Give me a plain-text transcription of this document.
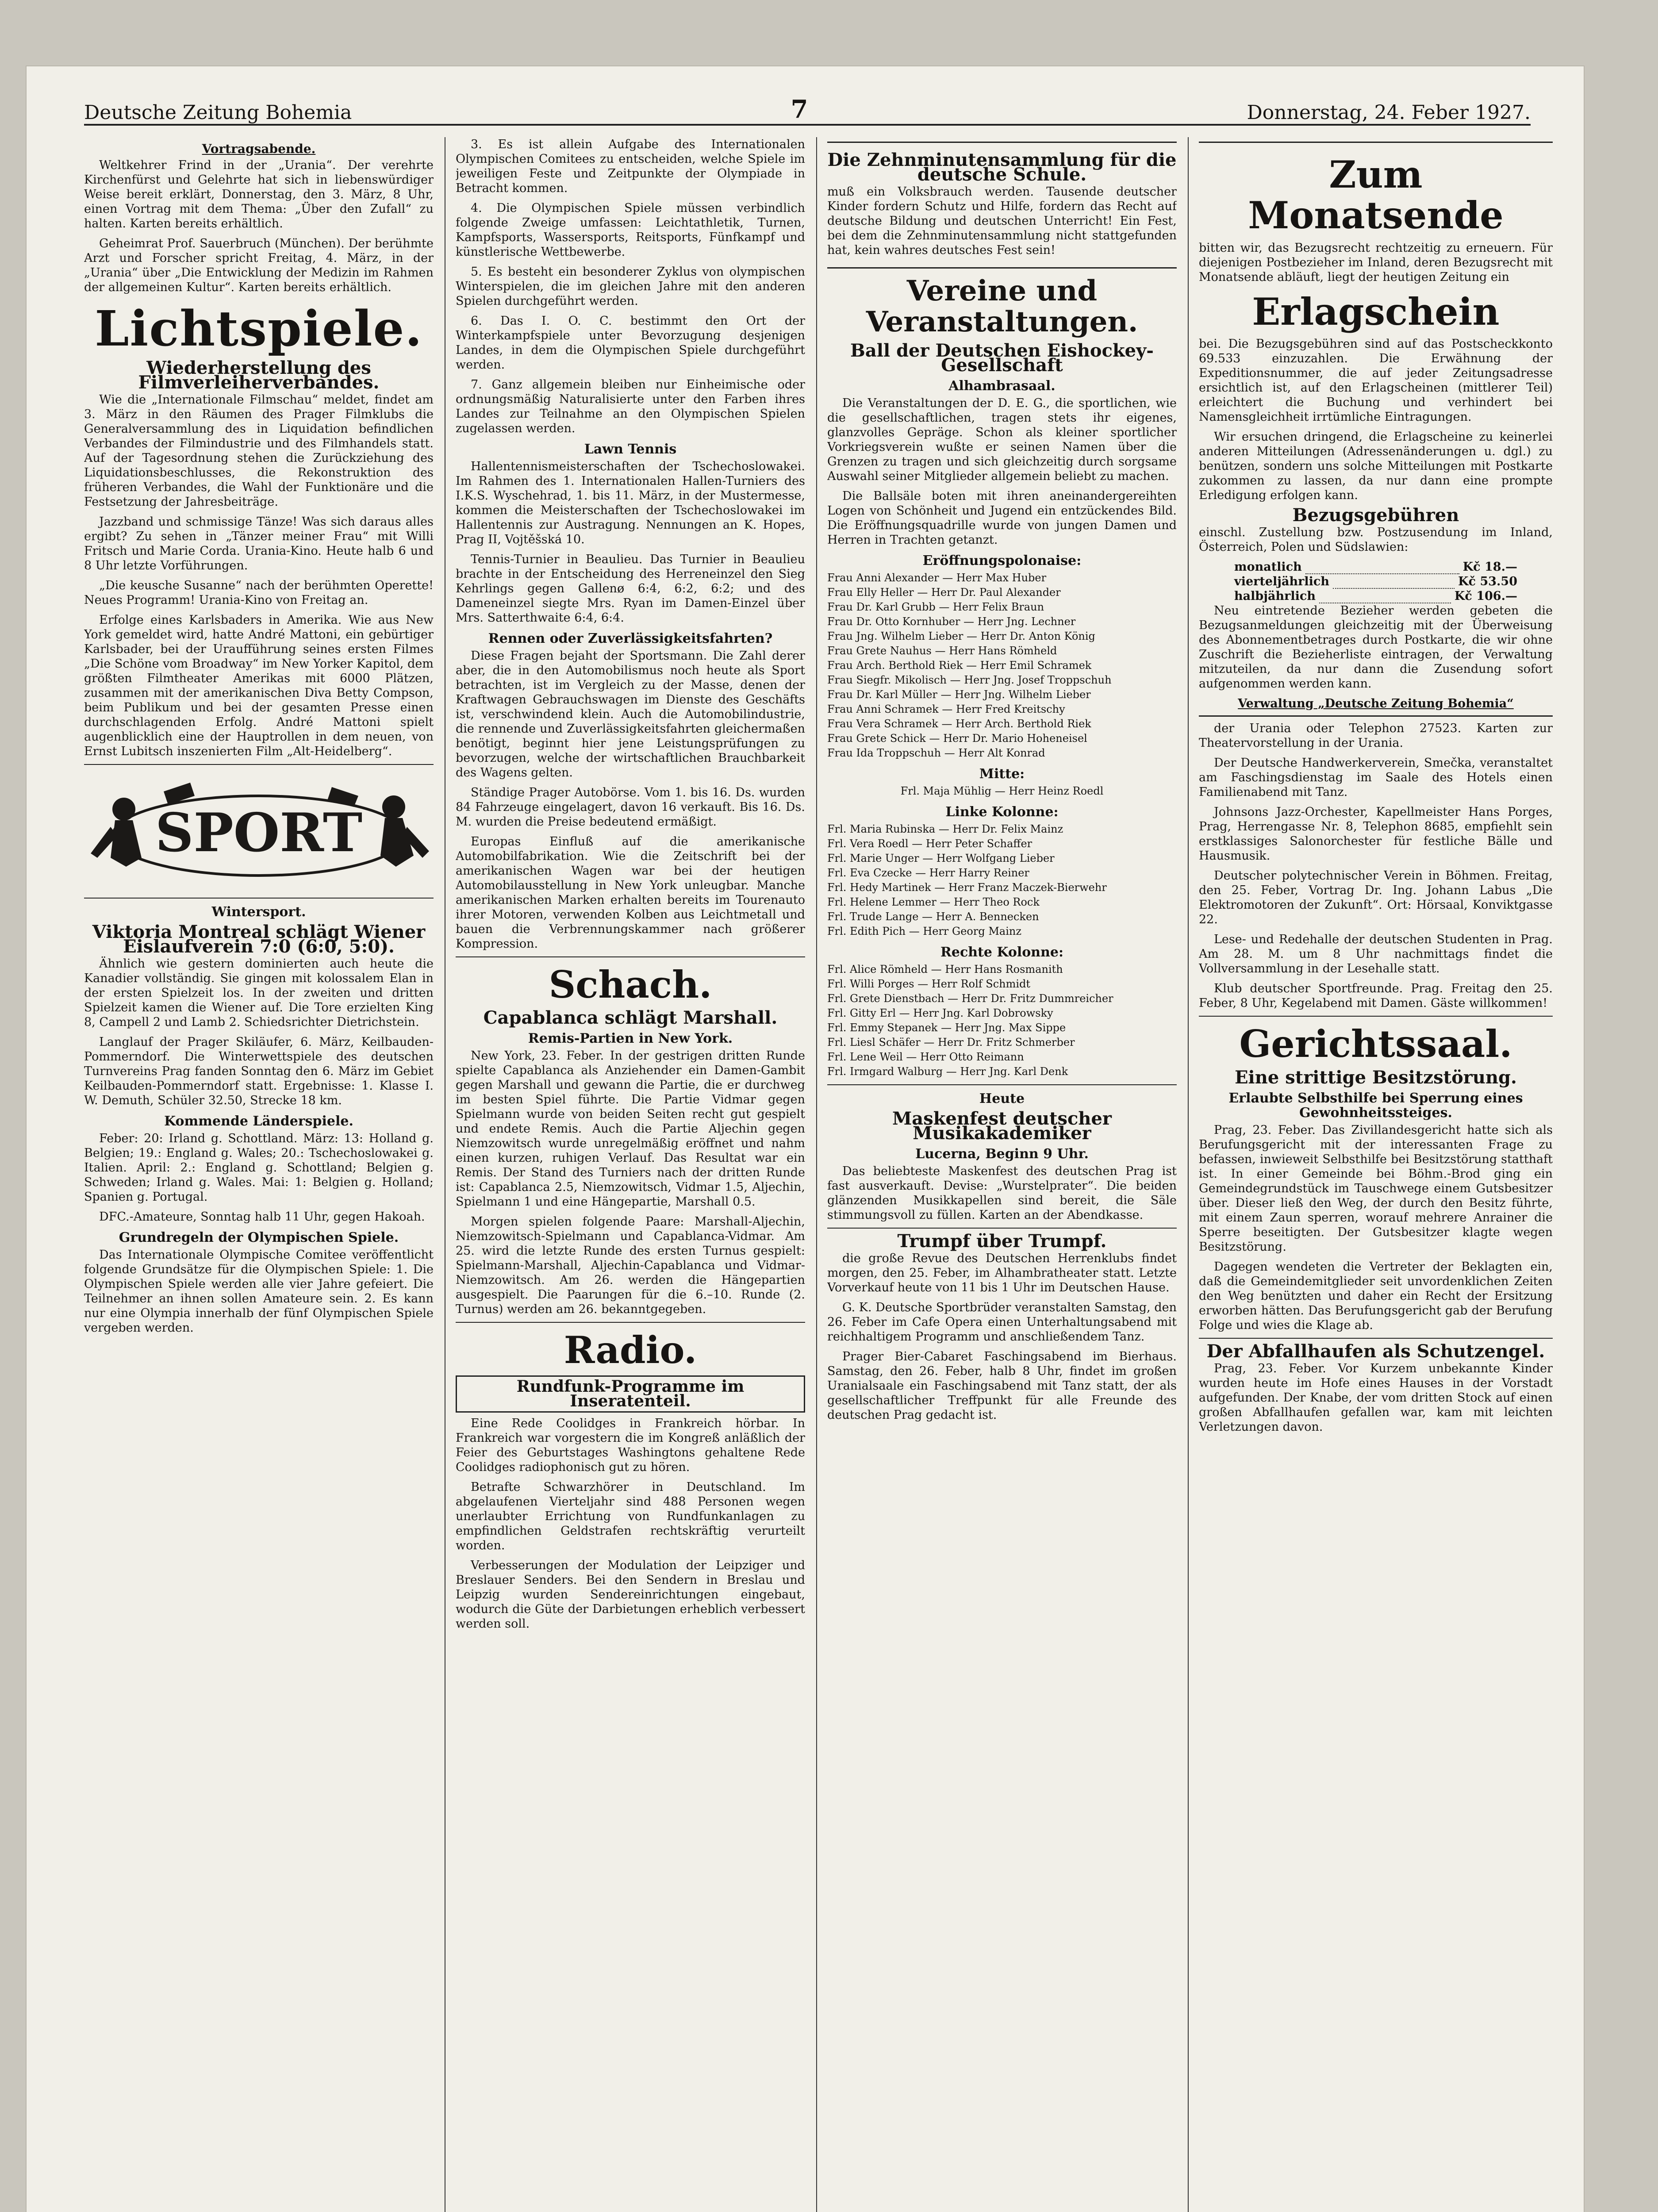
Deutsche Zeitung Bohemia	7	Donnerstag, 24. Feber 1927.
Vortragsabende.

Weltkehrer Frind in der „Urania“. Der verehrte Kirchenfürst und Gelehrte hat sich in liebenswürdiger Weise bereit erklärt, Donnerstag, den 3. März, 8 Uhr, einen Vortrag mit dem Thema: „Über den Zufall“ zu halten. Karten bereits erhältlich.

Geheimrat Prof. Sauerbruch (München). Der berühmte Arzt und Forscher spricht Freitag, 4. März, in der „Urania“ über „Die Entwicklung der Medizin im Rahmen der allgemeinen Kultur“. Karten bereits erhältlich.

Lichtspiele.
Wiederherstellung des Filmverleiherverbandes.

Wie die „Internationale Filmschau“ meldet, findet am 3. März in den Räumen des Prager Filmklubs die Generalversammlung des in Liquidation befindlichen Verbandes der Filmindustrie und des Filmhandels statt. Auf der Tagesordnung stehen die Zurückziehung des Liquidationsbeschlusses, die Rekonstruktion des früheren Verbandes, die Wahl der Funktionäre und die Festsetzung der Jahresbeiträge.

Jazzband und schmissige Tänze! Was sich daraus alles ergibt? Zu sehen in „Tänzer meiner Frau“ mit Willi Fritsch und Marie Corda. Urania-Kino. Heute halb 6 und 8 Uhr letzte Vorführungen.

„Die keusche Susanne“ nach der berühmten Operette! Neues Programm! Urania-Kino von Freitag an.

Erfolge eines Karlsbaders in Amerika. Wie aus New York gemeldet wird, hatte André Mattoni, ein gebürtiger Karlsbader, bei der Uraufführung seines ersten Filmes „Die Schöne vom Broadway“ im New Yorker Kapitol, dem größten Filmtheater Amerikas mit 6000 Plätzen, zusammen mit der amerikanischen Diva Betty Compson, beim Publikum und bei der gesamten Presse einen durchschlagenden Erfolg. André Mattoni spielt augenblicklich eine der Hauptrollen in dem neuen, von Ernst Lubitsch inszenierten Film „Alt-Heidelberg“.

SPORT
Wintersport.
Viktoria Montreal schlägt Wiener Eislaufverein 7:0 (6:0, 5:0).

Ähnlich wie gestern dominierten auch heute die Kanadier vollständig. Sie gingen mit kolossalem Elan in der ersten Spielzeit los. In der zweiten und dritten Spielzeit kamen die Wiener auf. Die Tore erzielten King 8, Campell 2 und Lamb 2. Schiedsrichter Dietrichstein.

Langlauf der Prager Skiläufer, 6. März, Keilbauden-Pommerndorf. Die Winterwettspiele des deutschen Turnvereins Prag fanden Sonntag den 6. März im Gebiet Keilbauden-Pommerndorf statt. Ergebnisse: 1. Klasse I. W. Demuth, Schüler 32.50, Strecke 18 km.

Kommende Länderspiele.

Feber: 20: Irland g. Schottland. März: 13: Holland g. Belgien; 19.: England g. Wales; 20.: Tschechoslowakei g. Italien. April: 2.: England g. Schottland; Belgien g. Schweden; Irland g. Wales. Mai: 1: Belgien g. Holland; Spanien g. Portugal.

DFC.-Amateure, Sonntag halb 11 Uhr, gegen Hakoah.

Grundregeln der Olympischen Spiele.

Das Internationale Olympische Comitee veröffentlicht folgende Grundsätze für die Olympischen Spiele: 1. Die Olympischen Spiele werden alle vier Jahre gefeiert. Die Teilnehmer an ihnen sollen Amateure sein. 2. Es kann nur eine Olympia innerhalb der fünf Olympischen Spiele vergeben werden.

3. Es ist allein Aufgabe des Internationalen Olympischen Comitees zu entscheiden, welche Spiele im jeweiligen Feste und Zeitpunkte der Olympiade in Betracht kommen.

4. Die Olympischen Spiele müssen verbindlich folgende Zweige umfassen: Leichtathletik, Turnen, Kampfsports, Wassersports, Reitsports, Fünfkampf und künstlerische Wettbewerbe.

5. Es besteht ein besonderer Zyklus von olympischen Winterspielen, die im gleichen Jahre mit den anderen Spielen durchgeführt werden.

6. Das I. O. C. bestimmt den Ort der Winterkampfspiele unter Bevorzugung desjenigen Landes, in dem die Olympischen Spiele durchgeführt werden.

7. Ganz allgemein bleiben nur Einheimische oder ordnungsmäßig Naturalisierte unter den Farben ihres Landes zur Teilnahme an den Olympischen Spielen zugelassen werden.

Lawn Tennis

Hallentennismeisterschaften der Tschechoslowakei. Im Rahmen des 1. Internationalen Hallen-Turniers des I.K.S. Wyschehrad, 1. bis 11. März, in der Mustermesse, kommen die Meisterschaften der Tschechoslowakei im Hallentennis zur Austragung. Nennungen an K. Hopes, Prag II, Vojtěšská 10.

Tennis-Turnier in Beaulieu. Das Turnier in Beaulieu brachte in der Entscheidung des Herreneinzel den Sieg Kehrlings gegen Gallenø 6:4, 6:2, 6:2; und des Dameneinzel siegte Mrs. Ryan im Damen-Einzel über Mrs. Satterthwaite 6:4, 6:4.

Rennen oder Zuverlässigkeitsfahrten?

Diese Fragen bejaht der Sportsmann. Die Zahl derer aber, die in den Automobilismus noch heute als Sport betrachten, ist im Vergleich zu der Masse, denen der Kraftwagen Gebrauchswagen im Dienste des Geschäfts ist, verschwindend klein. Auch die Automobilindustrie, die rennende und Zuverlässigkeitsfahrten gleichermaßen benötigt, beginnt hier jene Leistungsprüfungen zu bevorzugen, welche der wirtschaftlichen Brauchbarkeit des Wagens gelten.

Ständige Prager Autobörse. Vom 1. bis 16. Ds. wurden 84 Fahrzeuge eingelagert, davon 16 verkauft. Bis 16. Ds. M. wurden die Preise bedeutend ermäßigt.

Europas Einfluß auf die amerikanische Automobilfabrikation. Wie die Zeitschrift bei der amerikanischen Wagen war bei der heutigen Automobilausstellung in New York unleugbar. Manche amerikanischen Marken erhalten bereits im Tourenauto ihrer Motoren, verwenden Kolben aus Leichtmetall und bauen die Verbrennungskammer nach größerer Kompression.

Schach.
Capablanca schlägt Marshall.
Remis-Partien in New York.

New York, 23. Feber. In der gestrigen dritten Runde spielte Capablanca als Anziehender ein Damen-Gambit gegen Marshall und gewann die Partie, die er durchweg im besten Spiel führte. Die Partie Vidmar gegen Spielmann wurde von beiden Seiten recht gut gespielt und endete Remis. Auch die Partie Aljechin gegen Niemzowitsch wurde unregelmäßig eröffnet und nahm einen kurzen, ruhigen Verlauf. Das Resultat war ein Remis. Der Stand des Turniers nach der dritten Runde ist: Capablanca 2.5, Niemzowitsch, Vidmar 1.5, Aljechin, Spielmann 1 und eine Hängepartie, Marshall 0.5.

Morgen spielen folgende Paare: Marshall-Aljechin, Niemzowitsch-Spielmann und Capablanca-Vidmar. Am 25. wird die letzte Runde des ersten Turnus gespielt: Spielmann-Marshall, Aljechin-Capablanca und Vidmar-Niemzowitsch. Am 26. werden die Hängepartien ausgespielt. Die Paarungen für die 6.–10. Runde (2. Turnus) werden am 26. bekanntgegeben.

Radio.
Rundfunk-Programme im Inseratenteil.

Eine Rede Coolidges in Frankreich hörbar. In Frankreich war vorgestern die im Kongreß anläßlich der Feier des Geburtstages Washingtons gehaltene Rede Coolidges radiophonisch gut zu hören.

Betrafte Schwarzhörer in Deutschland. Im abgelaufenen Vierteljahr sind 488 Personen wegen unerlaubter Errichtung von Rundfunkanlagen zu empfindlichen Geldstrafen rechtskräftig verurteilt worden.

Verbesserungen der Modulation der Leipziger und Breslauer Senders. Bei den Sendern in Breslau und Leipzig wurden Sendereinrichtungen eingebaut, wodurch die Güte der Darbietungen erheblich verbessert werden soll.

Die Zehnminutensammlung für die deutsche Schule.

muß ein Volksbrauch werden. Tausende deutscher Kinder fordern Schutz und Hilfe, fordern das Recht auf deutsche Bildung und deutschen Unterricht! Ein Fest, bei dem die Zehnminutensammlung nicht stattgefunden hat, kein wahres deutsches Fest sein!

Vereine und Veranstaltungen.
Ball der Deutschen Eishockey-Gesellschaft
Alhambrasaal.

Die Veranstaltungen der D. E. G., die sportlichen, wie die gesellschaftlichen, tragen stets ihr eigenes, glanzvolles Gepräge. Schon als kleiner sportlicher Vorkriegsverein wußte er seinen Namen über die Grenzen zu tragen und sich gleichzeitig durch sorgsame Auswahl seiner Mitglieder allgemein beliebt zu machen.

Die Ballsäle boten mit ihren aneinandergereihten Logen von Schönheit und Jugend ein entzückendes Bild. Die Eröffnungsquadrille wurde von jungen Damen und Herren in Trachten getanzt.

Eröffnungspolonaise:
Frau Anni Alexander — Herr Max Huber
Frau Elly Heller — Herr Dr. Paul Alexander
Frau Dr. Karl Grubb — Herr Felix Braun
Frau Dr. Otto Kornhuber — Herr Jng. Lechner
Frau Jng. Wilhelm Lieber — Herr Dr. Anton König
Frau Grete Nauhus — Herr Hans Römheld
Frau Arch. Berthold Riek — Herr Emil Schramek
Frau Siegfr. Mikolisch — Herr Jng. Josef Troppschuh
Frau Dr. Karl Müller — Herr Jng. Wilhelm Lieber
Frau Anni Schramek — Herr Fred Kreitschy
Frau Vera Schramek — Herr Arch. Berthold Riek
Frau Grete Schick — Herr Dr. Mario Hoheneisel
Frau Ida Troppschuh — Herr Alt Konrad
Mitte:
Frl. Maja Mühlig — Herr Heinz Roedl
Linke Kolonne:
Frl. Maria Rubinska — Herr Dr. Felix Mainz
Frl. Vera Roedl — Herr Peter Schaffer
Frl. Marie Unger — Herr Wolfgang Lieber
Frl. Eva Czecke — Herr Harry Reiner
Frl. Hedy Martinek — Herr Franz Maczek-Bierwehr
Frl. Helene Lemmer — Herr Theo Rock
Frl. Trude Lange — Herr A. Bennecken
Frl. Edith Pich — Herr Georg Mainz
Rechte Kolonne:
Frl. Alice Römheld — Herr Hans Rosmanith
Frl. Willi Porges — Herr Rolf Schmidt
Frl. Grete Dienstbach — Herr Dr. Fritz Dummreicher
Frl. Gitty Erl — Herr Jng. Karl Dobrowsky
Frl. Emmy Stepanek — Herr Jng. Max Sippe
Frl. Liesl Schäfer — Herr Dr. Fritz Schmerber
Frl. Lene Weil — Herr Otto Reimann
Frl. Irmgard Walburg — Herr Jng. Karl Denk
Heute
Maskenfest deutscher Musikakademiker
Lucerna, Beginn 9 Uhr.

Das beliebteste Maskenfest des deutschen Prag ist fast ausverkauft. Devise: „Wurstelprater“. Die beiden glänzenden Musikkapellen sind bereit, die Säle stimmungsvoll zu füllen. Karten an der Abendkasse.

Trumpf über Trumpf.

die große Revue des Deutschen Herrenklubs findet morgen, den 25. Feber, im Alhambratheater statt. Letzte Vorverkauf heute von 11 bis 1 Uhr im Deutschen Hause.

G. K. Deutsche Sportbrüder veranstalten Samstag, den 26. Feber im Cafe Opera einen Unterhaltungsabend mit reichhaltigem Programm und anschließendem Tanz.

Prager Bier-Cabaret Faschingsabend im Bierhaus. Samstag, den 26. Feber, halb 8 Uhr, findet im großen Uranialsaale ein Faschingsabend mit Tanz statt, der als gesellschaftlicher Treffpunkt für alle Freunde des deutschen Prag gedacht ist.

Zum Monatsende

bitten wir, das Bezugsrecht rechtzeitig zu erneuern. Für diejenigen Postbezieher im Inland, deren Bezugsrecht mit Monatsende abläuft, liegt der heutigen Zeitung ein

Erlagschein

bei. Die Bezugsgebühren sind auf das Postscheckkonto 69.533 einzuzahlen. Die Erwähnung der Expeditionsnummer, die auf jeder Zeitungsadresse ersichtlich ist, auf den Erlagscheinen (mittlerer Teil) erleichtert die Buchung und verhindert bei Namensgleichheit irrtümliche Eintragungen.

Wir ersuchen dringend, die Erlagscheine zu keinerlei anderen Mitteilungen (Adressenänderungen u. dgl.) zu benützen, sondern uns solche Mitteilungen mit Postkarte zukommen zu lassen, da nur dann eine prompte Erledigung erfolgen kann.

Bezugsgebühren

einschl. Zustellung bzw. Postzusendung im Inland, Österreich, Polen und Südslawien:

monatlich	Kč 18.—
vierteljährlich	Kč 53.50
halbjährlich	Kč 106.—

Neu eintretende Bezieher werden gebeten die Bezugsanmeldungen gleichzeitig mit der Überweisung des Abonnementbetrages durch Postkarte, die wir ohne Zuschrift die Bezieherliste eintragen, der Verwaltung mitzuteilen, da nur dann die Zusendung sofort aufgenommen werden kann.

Verwaltung „Deutsche Zeitung Bohemia“

der Urania oder Telephon 27523. Karten zur Theatervorstellung in der Urania.

Der Deutsche Handwerkerverein, Smečka, veranstaltet am Faschingsdienstag im Saale des Hotels einen Familienabend mit Tanz.

Johnsons Jazz-Orchester, Kapellmeister Hans Porges, Prag, Herrengasse Nr. 8, Telephon 8685, empfiehlt sein erstklassiges Salonorchester für festliche Bälle und Hausmusik.

Deutscher polytechnischer Verein in Böhmen. Freitag, den 25. Feber, Vortrag Dr. Ing. Johann Labus „Die Elektromotoren der Zukunft“. Ort: Hörsaal, Konviktgasse 22.

Lese- und Redehalle der deutschen Studenten in Prag. Am 28. M. um 8 Uhr nachmittags findet die Vollversammlung in der Lesehalle statt.

Klub deutscher Sportfreunde. Prag. Freitag den 25. Feber, 8 Uhr, Kegelabend mit Damen. Gäste willkommen!

Gerichtssaal.
Eine strittige Besitzstörung.
Erlaubte Selbsthilfe bei Sperrung eines Gewohnheitssteiges.

Prag, 23. Feber. Das Zivillandesgericht hatte sich als Berufungsgericht mit der interessanten Frage zu befassen, inwieweit Selbsthilfe bei Besitzstörung statthaft ist. In einer Gemeinde bei Böhm.-Brod ging ein Gemeindegrundstück im Tauschwege einem Gutsbesitzer über. Dieser ließ den Weg, der durch den Besitz führte, mit einem Zaun sperren, worauf mehrere Anrainer die Sperre beseitigten. Der Gutsbesitzer klagte wegen Besitzstörung.

Dagegen wendeten die Vertreter der Beklagten ein, daß die Gemeindemitglieder seit unvordenklichen Zeiten den Weg benützten und daher ein Recht der Ersitzung erworben hätten. Das Berufungsgericht gab der Berufung Folge und wies die Klage ab.

Der Abfallhaufen als Schutzengel.

Prag, 23. Feber. Vor Kurzem unbekannte Kinder wurden heute im Hofe eines Hauses in der Vorstadt aufgefunden. Der Knabe, der vom dritten Stock auf einen großen Abfallhaufen gefallen war, kam mit leichten Verletzungen davon.
